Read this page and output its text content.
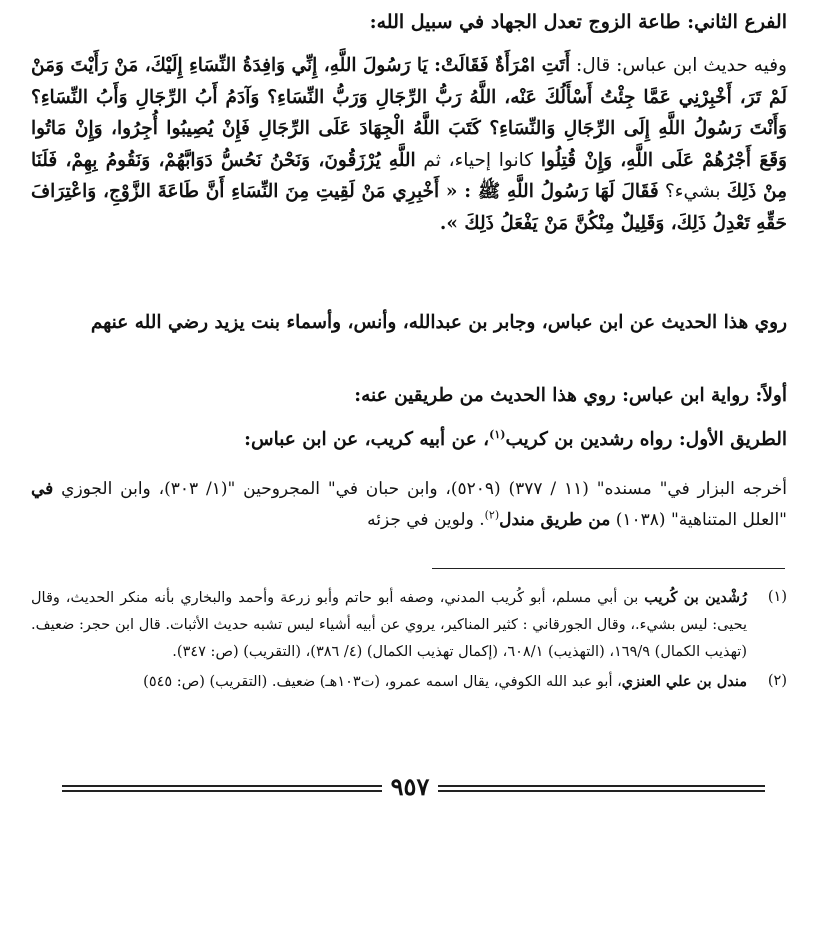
الفرع الثاني: طاعة الزوج تعدل الجهاد في سبيل الله:

وفيه حديث ابن عباس: قال: أَتَتِ امْرَأَةٌ فَقَالَتْ: يَا رَسُولَ اللَّهِ، إِنِّي وَافِدَةُ النِّسَاءِ إِلَيْكَ، مَنْ رَأَيْتَ وَمَنْ لَمْ تَرَ، أَخْبِرْنِي عَمَّا جِئْتُ أَسْأَلُكَ عَنْه، اللَّهُ رَبُّ الرِّجَالِ وَرَبُّ النِّسَاءِ؟ وَآدَمُ أَبُ الرِّجَالِ وَأَبُ النِّسَاءِ؟ وَأَنْتَ رَسُولُ اللَّهِ إِلَى الرِّجَالِ وَالنِّسَاءِ؟ كَتَبَ اللَّهُ الْجِهَادَ عَلَى الرِّجَالِ فَإِنْ يُصِيبُوا أُجِرُوا، وَإِنْ مَاتُوا وَقَعَ أَجْرُهُمْ عَلَى اللَّهِ، وَإِنْ قُتِلُوا كانوا إحياء، ثم اللَّهِ يُرْزَقُونَ، وَنَحْنُ نَحُسُّ دَوَابَّهُمْ، وَنَقُومُ بِهِمْ، فَلَنَا مِنْ ذَلِكَ بشيء؟ فَقَالَ لَهَا رَسُولُ اللَّهِ ﷺ : « أَخْبِرِي مَنْ لَقِيتِ مِنَ النِّسَاءِ أَنَّ طَاعَةَ الزَّوْجِ، وَاعْتِرَافَ حَقِّهِ تَعْدِلُ ذَلِكَ، وَقَلِيلٌ مِنْكُنَّ مَنْ يَفْعَلُ ذَلِكَ ».

روي هذا الحديث عن ابن عباس، وجابر بن عبدالله، وأنس، وأسماء بنت يزيد رضي الله عنهم

أولاً: رواية ابن عباس: روي هذا الحديث من طريقين عنه:

الطريق الأول: رواه رشدين بن كريب$^{(١)}$، عن أبيه كريب، عن ابن عباس:

أخرجه البزار في" مسنده" (١١ / ٣٧٧) (٥٢٠٩)، وابن حبان في" المجروحين "(١/ ٣٠٣)، وابن الجوزي في "العلل المتناهية" (١٠٣٨) من طريق مندل$^{(٢)}$. ولوين في جزئه

(١)
رُشْدين بن كُريب بن أبي مسلم، أبو كُريب المدني، وصفه أبو حاتم وأبو زرعة وأحمد والبخاري بأنه منكر الحديث، وقال يحيى: ليس بشيء.، وقال الجورقاني : كثير المناكير، يروي عن أبيه أشياء ليس تشبه حديث الأثبات. قال ابن حجر: ضعيف.(تهذيب الكمال) ١٦٩/٩، (التهذيب) ٦٠٨/١، (إكمال تهذيب الكمال) (٤/ ٣٨٦)، (التقريب) (ص: ٣٤٧).

(٢)
مندل بن علي العنزي، أبو عبد الله الكوفي، يقال اسمه عمرو، (ت١٠٣هـ) ضعيف. (التقريب) (ص: ٥٤٥)

٩٥٧
